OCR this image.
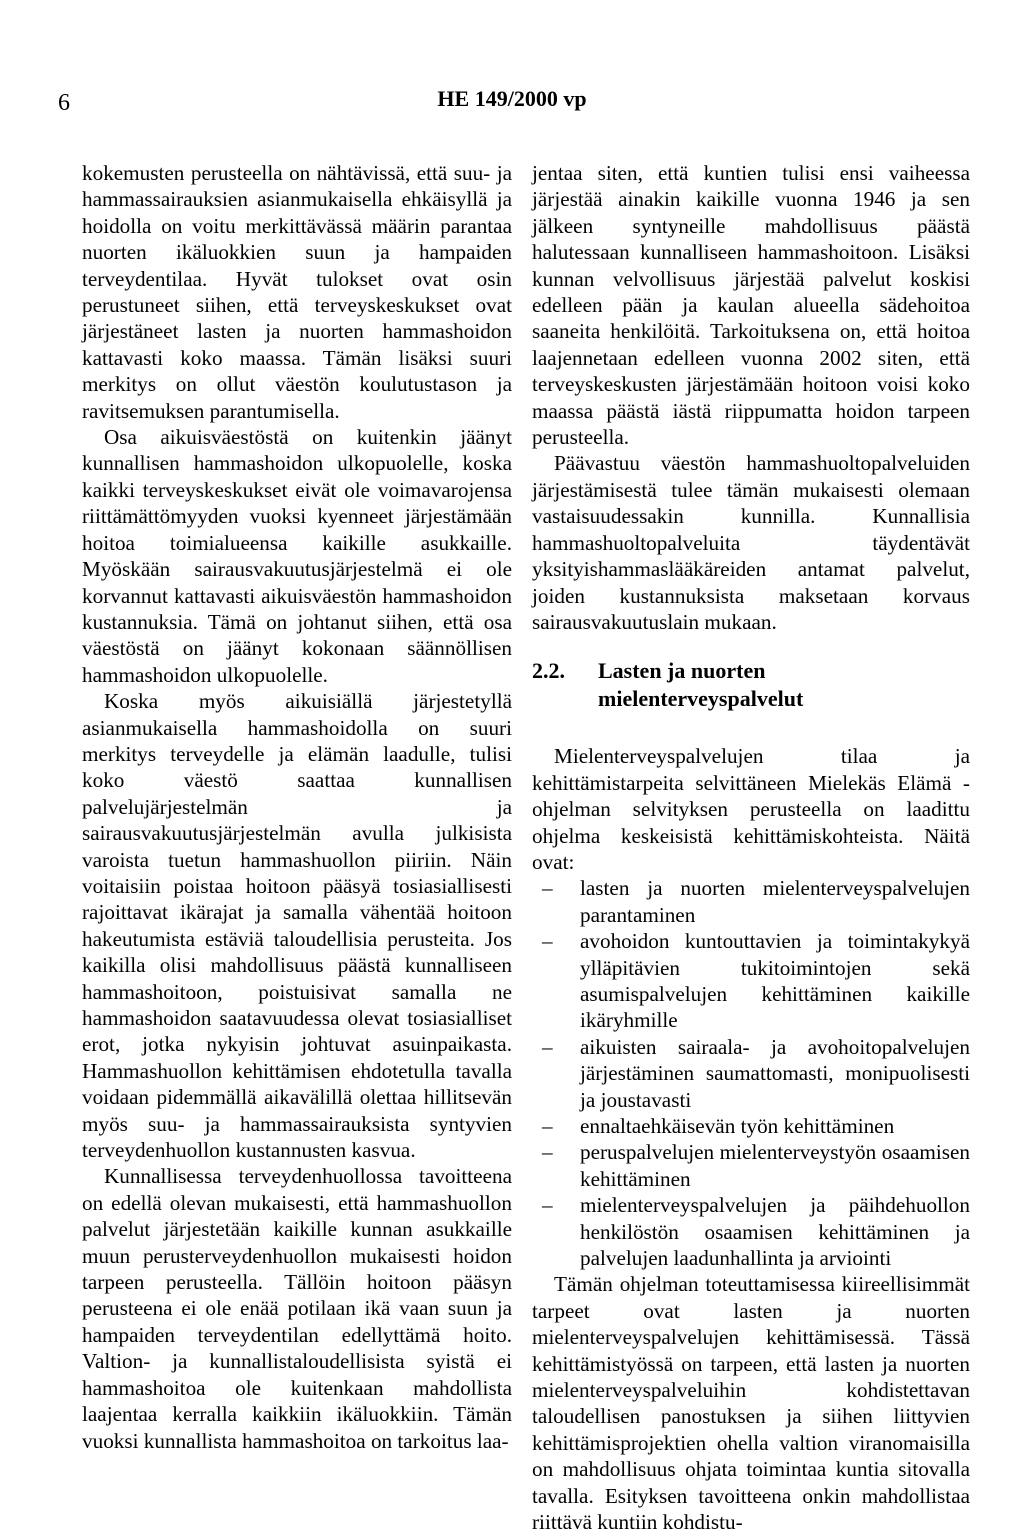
6	HE 149/2000 vp

kokemusten perusteella on nähtävissä, että suu- ja hammassairauksien asianmukaisella ehkäisyllä ja hoidolla on voitu merkittävässä määrin parantaa nuorten ikäluokkien suun ja hampaiden terveydentilaa. Hyvät tulokset ovat osin perustuneet siihen, että terveyskeskukset ovat järjestäneet lasten ja nuorten hammashoidon kattavasti koko maassa. Tämän lisäksi suuri merkitys on ollut väestön koulutustason ja ravitsemuksen parantumisella.

Osa aikuisväestöstä on kuitenkin jäänyt kunnallisen hammashoidon ulkopuolelle, koska kaikki terveyskeskukset eivät ole voimavarojensa riittämättömyyden vuoksi kyenneet järjestämään hoitoa toimialueensa kaikille asukkaille. Myöskään sairausvakuutusjärjestelmä ei ole korvannut kattavasti aikuisväestön hammashoidon kustannuksia. Tämä on johtanut siihen, että osa väestöstä on jäänyt kokonaan säännöllisen hammashoidon ulkopuolelle.

Koska myös aikuisiällä järjestetyllä asianmukaisella hammashoidolla on suuri merkitys terveydelle ja elämän laadulle, tulisi koko väestö saattaa kunnallisen palvelujärjestelmän ja sairausvakuutusjärjestelmän avulla julkisista varoista tuetun hammashuollon piiriin. Näin voitaisiin poistaa hoitoon pääsyä tosiasiallisesti rajoittavat ikärajat ja samalla vähentää hoitoon hakeutumista estäviä taloudellisia perusteita. Jos kaikilla olisi mahdollisuus päästä kunnalliseen hammashoitoon, poistuisivat samalla ne hammashoidon saatavuudessa olevat tosiasialliset erot, jotka nykyisin johtuvat asuinpaikasta. Hammashuollon kehittämisen ehdotetulla tavalla voidaan pidemmällä aikavälillä olettaa hillitsevän myös suu- ja hammassairauksista syntyvien terveydenhuollon kustannusten kasvua.

Kunnallisessa terveydenhuollossa tavoitteena on edellä olevan mukaisesti, että hammashuollon palvelut järjestetään kaikille kunnan asukkaille muun perusterveydenhuollon mukaisesti hoidon tarpeen perusteella. Tällöin hoitoon pääsyn perusteena ei ole enää potilaan ikä vaan suun ja hampaiden terveydentilan edellyttämä hoito. Valtion- ja kunnallistaloudellisista syistä ei hammashoitoa ole kuitenkaan mahdollista laajentaa kerralla kaikkiin ikäluokkiin. Tämän vuoksi kunnallista hammashoitoa on tarkoitus laa-

jentaa siten, että kuntien tulisi ensi vaiheessa järjestää ainakin kaikille vuonna 1946 ja sen jälkeen syntyneille mahdollisuus päästä halutessaan kunnalliseen hammashoitoon. Lisäksi kunnan velvollisuus järjestää palvelut koskisi edelleen pään ja kaulan alueella sädehoitoa saaneita henkilöitä. Tarkoituksena on, että hoitoa laajennetaan edelleen vuonna 2002 siten, että terveyskeskusten järjestämään hoitoon voisi koko maassa päästä iästä riippumatta hoidon tarpeen perusteella.

Päävastuu väestön hammashuoltopalveluiden järjestämisestä tulee tämän mukaisesti olemaan vastaisuudessakin kunnilla. Kunnallisia hammashuoltopalveluita täydentävät yksityishammaslääkäreiden antamat palvelut, joiden kustannuksista maksetaan korvaus sairausvakuutuslain mukaan.

2.2.	Lasten ja nuorten mielenterveyspalvelut

Mielenterveyspalvelujen tilaa ja kehittämistarpeita selvittäneen Mielekäs Elämä -ohjelman selvityksen perusteella on laadittu ohjelma keskeisistä kehittämiskohteista. Näitä ovat:

– lasten ja nuorten mielenterveyspalvelujen parantaminen
– avohoidon kuntouttavien ja toimintakykyä ylläpitävien tukitoimintojen sekä asumispalvelujen kehittäminen kaikille ikäryhmille
– aikuisten sairaala- ja avohoitopalvelujen järjestäminen saumattomasti, monipuolisesti ja joustavasti
– ennaltaehkäisevän työn kehittäminen
– peruspalvelujen mielenterveystyön osaamisen kehittäminen
– mielenterveyspalvelujen ja päihdehuollon henkilöstön osaamisen kehittäminen ja palvelujen laadunhallinta ja arviointi

Tämän ohjelman toteuttamisessa kiireellisimmät tarpeet ovat lasten ja nuorten mielenterveyspalvelujen kehittämisessä. Tässä kehittämistyössä on tarpeen, että lasten ja nuorten mielenterveyspalveluihin kohdistettavan taloudellisen panostuksen ja siihen liittyvien kehittämisprojektien ohella valtion viranomaisilla on mahdollisuus ohjata toimintaa kuntia sitovalla tavalla. Esityksen tavoitteena onkin mahdollistaa riittävä kuntiin kohdistu-
